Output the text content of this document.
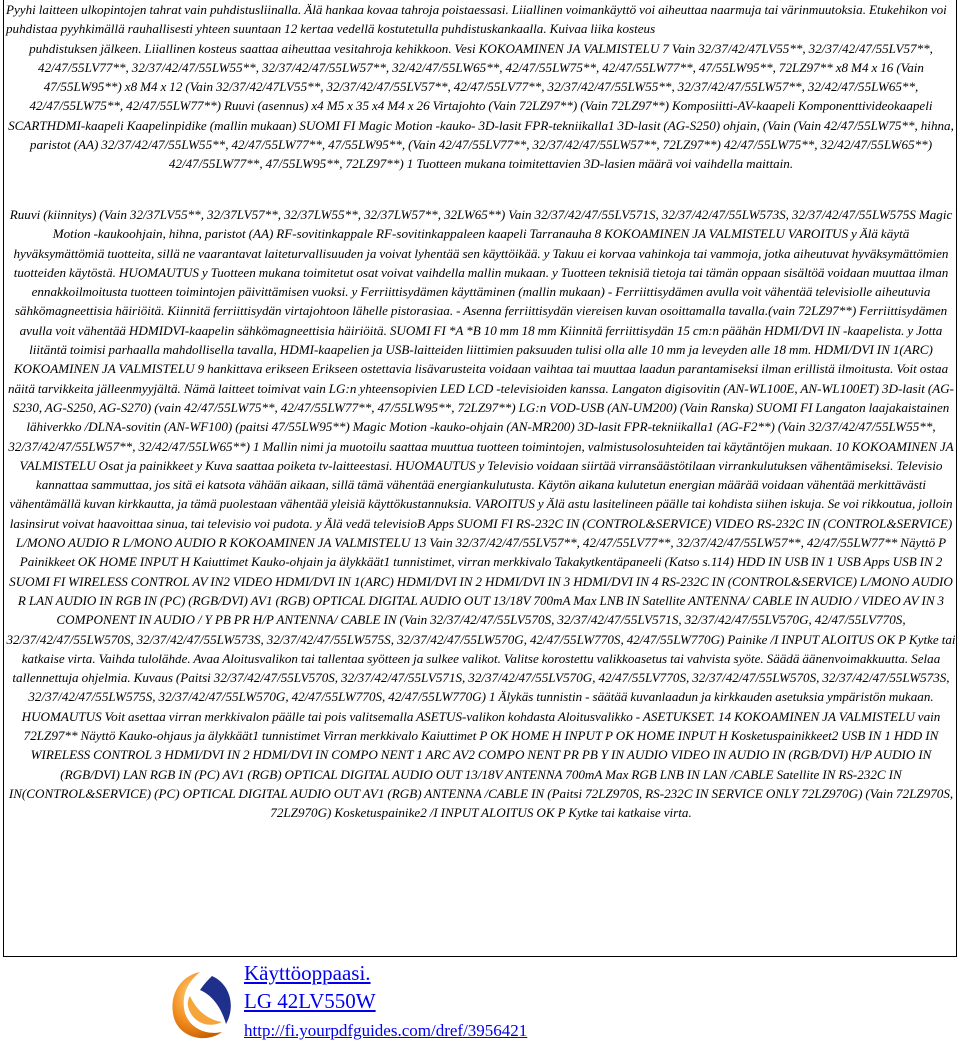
Pyyhi laitteen ulkopintojen tahrat vain puhdistusliinalla. Älä hankaa kovaa tahroja poistaessasi. Liiallinen voimankäyttö voi aiheuttaa naarmuja tai värinmuutoksia. Etukehikon voi puhdistaa pyyhkimällä rauhallisesti yhteen suuntaan 12 kertaa vedellä kostutetulla puhdistuskankaalla. Kuivaa liika kosteus
puhdistuksen jälkeen. Liiallinen kosteus saattaa aiheuttaa vesitahroja kehikkoon. Vesi KOKOAMINEN JA VALMISTELU 7 Vain 32/37/42/47LV55**, 32/37/42/47/55LV57**, 42/47/55LV77**, 32/37/42/47/55LW55**, 32/37/42/47/55LW57**, 32/42/47/55LW65**, 42/47/55LW75**, 42/47/55LW77**, 47/55LW95**, 72LZ97** x8 M4 x 16 (Vain 47/55LW95**) x8 M4 x 12 (Vain 32/37/42/47LV55**, 32/37/42/47/55LV57**, 42/47/55LV77**, 32/37/42/47/55LW55**, 32/37/42/47/55LW57**, 32/42/47/55LW65**, 42/47/55LW75**, 42/47/55LW77**) Ruuvi (asennus) x4 M5 x 35 x4 M4 x 26 Virtajohto (Vain 72LZ97**) (Vain 72LZ97**) Komposiitti-AV-kaapeli Komponenttivideokaapeli SCARTHDMI-kaapeli Kaapelinpidike (mallin mukaan) SUOMI FI Magic Motion -kauko- 3D-lasit FPR-tekniikalla1 3D-lasit (AG-S250) ohjain, (Vain (Vain 42/47/55LW75**, hihna, paristot (AA) 32/37/42/47/55LW55**, 42/47/55LW77**, 47/55LW95**, (Vain 42/47/55LV77**, 32/37/42/47/55LW57**, 72LZ97**) 42/47/55LW75**, 32/42/47/55LW65**) 42/47/55LW77**, 47/55LW95**, 72LZ97**) 1 Tuotteen mukana toimitettavien 3D-lasien määrä voi vaihdella maittain.

Ruuvi (kiinnitys) (Vain 32/37LV55**, 32/37LV57**, 32/37LW55**, 32/37LW57**, 32LW65**) Vain 32/37/42/47/55LV571S, 32/37/42/47/55LW573S, 32/37/42/47/55LW575S Magic Motion -kaukoohjain, hihna, paristot (AA) RF-sovitinkappale RF-sovitinkappaleen kaapeli Tarranauha 8 KOKOAMINEN JA VALMISTELU VAROITUS y Älä käytä hyväksymättömiä tuotteita, sillä ne vaarantavat laiteturvallisuuden ja voivat lyhentää sen käyttöikää. y Takuu ei korvaa vahinkoja tai vammoja, jotka aiheutuvat hyväksymättömien tuotteiden käytöstä. HUOMAUTUS y Tuotteen mukana toimitetut osat voivat vaihdella mallin mukaan. y Tuotteen teknisiä tietoja tai tämän oppaan sisältöä voidaan muuttaa ilman ennakkoilmoitusta tuotteen toimintojen päivittämisen vuoksi. y Ferriittisydämen käyttäminen (mallin mukaan) - Ferriittisydämen avulla voit vähentää televisiolle aiheutuvia sähkömagneettisia häiriöitä. Kiinnitä ferriittisydän virtajohtoon lähelle pistorasiaa. - Asenna ferriittisydän viereisen kuvan osoittamalla tavalla.(vain 72LZ97**) Ferriittisydämen avulla voit vähentää HDMIDVI-kaapelin sähkömagneettisia häiriöitä. SUOMI FI *A *B 10 mm 18 mm Kiinnitä ferriittisydän 15 cm:n päähän HDMI/DVI IN -kaapelista. y Jotta liitäntä toimisi parhaalla mahdollisella tavalla, HDMI-kaapelien ja USB-laitteiden liittimien paksuuden tulisi olla alle 10 mm ja leveyden alle 18 mm. HDMI/DVI IN 1(ARC) KOKOAMINEN JA VALMISTELU 9 hankittava erikseen Erikseen ostettavia lisävarusteita voidaan vaihtaa tai muuttaa laadun parantamiseksi ilman erillistä ilmoitusta. Voit ostaa näitä tarvikkeita jälleenmyyjältä. Nämä laitteet toimivat vain LG:n yhteensopivien LED LCD -televisioiden kanssa. Langaton digisovitin (AN-WL100E, AN-WL100ET) 3D-lasit (AG-S230, AG-S250, AG-S270) (vain 42/47/55LW75**, 42/47/55LW77**, 47/55LW95**, 72LZ97**) LG:n VOD-USB (AN-UM200) (Vain Ranska) SUOMI FI Langaton laajakaistainen lähiverkko /DLNA-sovitin (AN-WF100) (paitsi 47/55LW95**) Magic Motion -kauko-ohjain (AN-MR200) 3D-lasit FPR-tekniikalla1 (AG-F2**) (Vain 32/37/42/47/55LW55**, 32/37/42/47/55LW57**, 32/42/47/55LW65**) 1 Mallin nimi ja muotoilu saattaa muuttua tuotteen toimintojen, valmistusolosuhteiden tai käytäntöjen mukaan. 10 KOKOAMINEN JA VALMISTELU Osat ja painikkeet y Kuva saattaa poiketa tv-laitteestasi. HUOMAUTUS y Televisio voidaan siirtää virransäästötilaan virrankulutuksen vähentämiseksi. Televisio kannattaa sammuttaa, jos sitä ei katsota vähään aikaan, sillä tämä vähentää energiankulutusta. Käytön aikana kulutetun energian määrää voidaan vähentää merkittävästi vähentämällä kuvan kirkkautta, ja tämä puolestaan vähentää yleisiä käyttökustannuksia. VAROITUS y Älä astu lasitelineen päälle tai kohdista siihen iskuja. Se voi rikkoutua, jolloin lasinsirut voivat haavoittaa sinua, tai televisio voi pudota. y Älä vedä televisioB Apps SUOMI FI RS-232C IN (CONTROL&SERVICE) VIDEO RS-232C IN (CONTROL&SERVICE) L/MONO AUDIO R L/MONO AUDIO R KOKOAMINEN JA VALMISTELU 13 Vain 32/37/42/47/55LV57**, 42/47/55LV77**, 32/37/42/47/55LW57**, 42/47/55LW77** Näyttö P Painikkeet OK HOME INPUT H Kaiuttimet Kauko-ohjain ja älykkäät1 tunnistimet, virran merkkivalo Takakytkentäpaneeli (Katso s.114) HDD IN USB IN 1 USB Apps USB IN 2 SUOMI FI WIRELESS CONTROL AV IN2 VIDEO HDMI/DVI IN 1(ARC) HDMI/DVI IN 2 HDMI/DVI IN 3 HDMI/DVI IN 4 RS-232C IN (CONTROL&SERVICE) L/MONO AUDIO R LAN AUDIO IN RGB IN (PC) (RGB/DVI) AV1 (RGB) OPTICAL DIGITAL AUDIO OUT 13/18V 700mA Max LNB IN Satellite ANTENNA/ CABLE IN AUDIO / VIDEO AV IN 3 COMPONENT IN AUDIO / Y PB PR H/P ANTENNA/ CABLE IN (Vain 32/37/42/47/55LV570S, 32/37/42/47/55LV571S, 32/37/42/47/55LV570G, 42/47/55LV770S, 32/37/42/47/55LW570S, 32/37/42/47/55LW573S, 32/37/42/47/55LW575S, 32/37/42/47/55LW570G, 42/47/55LW770S, 42/47/55LW770G) Painike /I INPUT ALOITUS OK P Kytke tai katkaise virta. Vaihda tulolähde. Avaa Aloitusvalikon tai tallentaa syötteen ja sulkee valikot. Valitse korostettu valikkoasetus tai vahvista syöte. Säädä äänenvoimakkuutta. Selaa tallennettuja ohjelmia. Kuvaus (Paitsi 32/37/42/47/55LV570S, 32/37/42/47/55LV571S, 32/37/42/47/55LV570G, 42/47/55LV770S, 32/37/42/47/55LW570S, 32/37/42/47/55LW573S, 32/37/42/47/55LW575S, 32/37/42/47/55LW570G, 42/47/55LW770S, 42/47/55LW770G) 1 Älykäs tunnistin - säätää kuvanlaadun ja kirkkauden asetuksia ympäristön mukaan. HUOMAUTUS Voit asettaa virran merkkivalon päälle tai pois valitsemalla ASETUS-valikon kohdasta Aloitusvalikko - ASETUKSET. 14 KOKOAMINEN JA VALMISTELU vain 72LZ97** Näyttö Kauko-ohjaus ja älykkäät1 tunnistimet Virran merkkivalo Kaiuttimet P OK HOME H INPUT P OK HOME INPUT H Kosketuspainikkeet2 USB IN 1 HDD IN WIRELESS CONTROL 3 HDMI/DVI IN 2 HDMI/DVI IN COMPO NENT 1 ARC AV2 COMPO NENT PR PB Y IN AUDIO VIDEO IN AUDIO IN (RGB/DVI) H/P AUDIO IN (RGB/DVI) LAN RGB IN (PC) AV1 (RGB) OPTICAL DIGITAL AUDIO OUT 13/18V ANTENNA 700mA Max RGB LNB IN LAN /CABLE Satellite IN RS-232C IN IN(CONTROL&SERVICE) (PC) OPTICAL DIGITAL AUDIO OUT AV1 (RGB) ANTENNA /CABLE IN (Paitsi 72LZ970S, RS-232C IN SERVICE ONLY 72LZ970G) (Vain 72LZ970S, 72LZ970G) Kosketuspainike2 /I INPUT ALOITUS OK P Kytke tai katkaise virta.

Käyttöoppaasi.
LG 42LV550W
http://fi.yourpdfguides.com/dref/3956421
